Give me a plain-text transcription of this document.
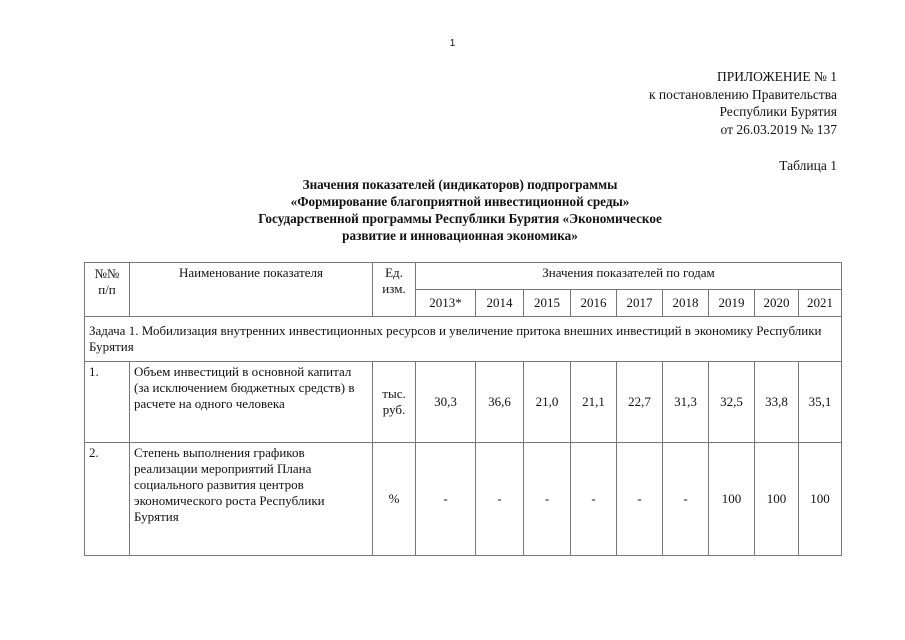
1
ПРИЛОЖЕНИЕ № 1
к постановлению Правительства
Республики Бурятия
от 26.03.2019 № 137
Таблица 1
Значения показателей (индикаторов) подпрограммы
«Формирование благоприятной инвестиционной среды»
Государственной программы Республики Бурятия «Экономическое
развитие и инновационная экономика»
№№ п/п	Наименование показателя	Ед. изм.	Значения показателей по годам								
			2013*	2014	2015	2016	2017	2018	2019	2020	2021
Задача 1. Мобилизация внутренних инвестиционных ресурсов и увеличение притока внешних инвестиций в экономику Республики Бурятия											
1.	Объем инвестиций в основной капитал (за исключением бюджетных средств) в расчете на одного человека	тыс. руб.	30,3	36,6	21,0	21,1	22,7	31,3	32,5	33,8	35,1
2.	Степень выполнения графиков реализации мероприятий Плана социального развития центров экономического роста Республики Бурятия	%	-	-	-	-	-	-	100	100	100
